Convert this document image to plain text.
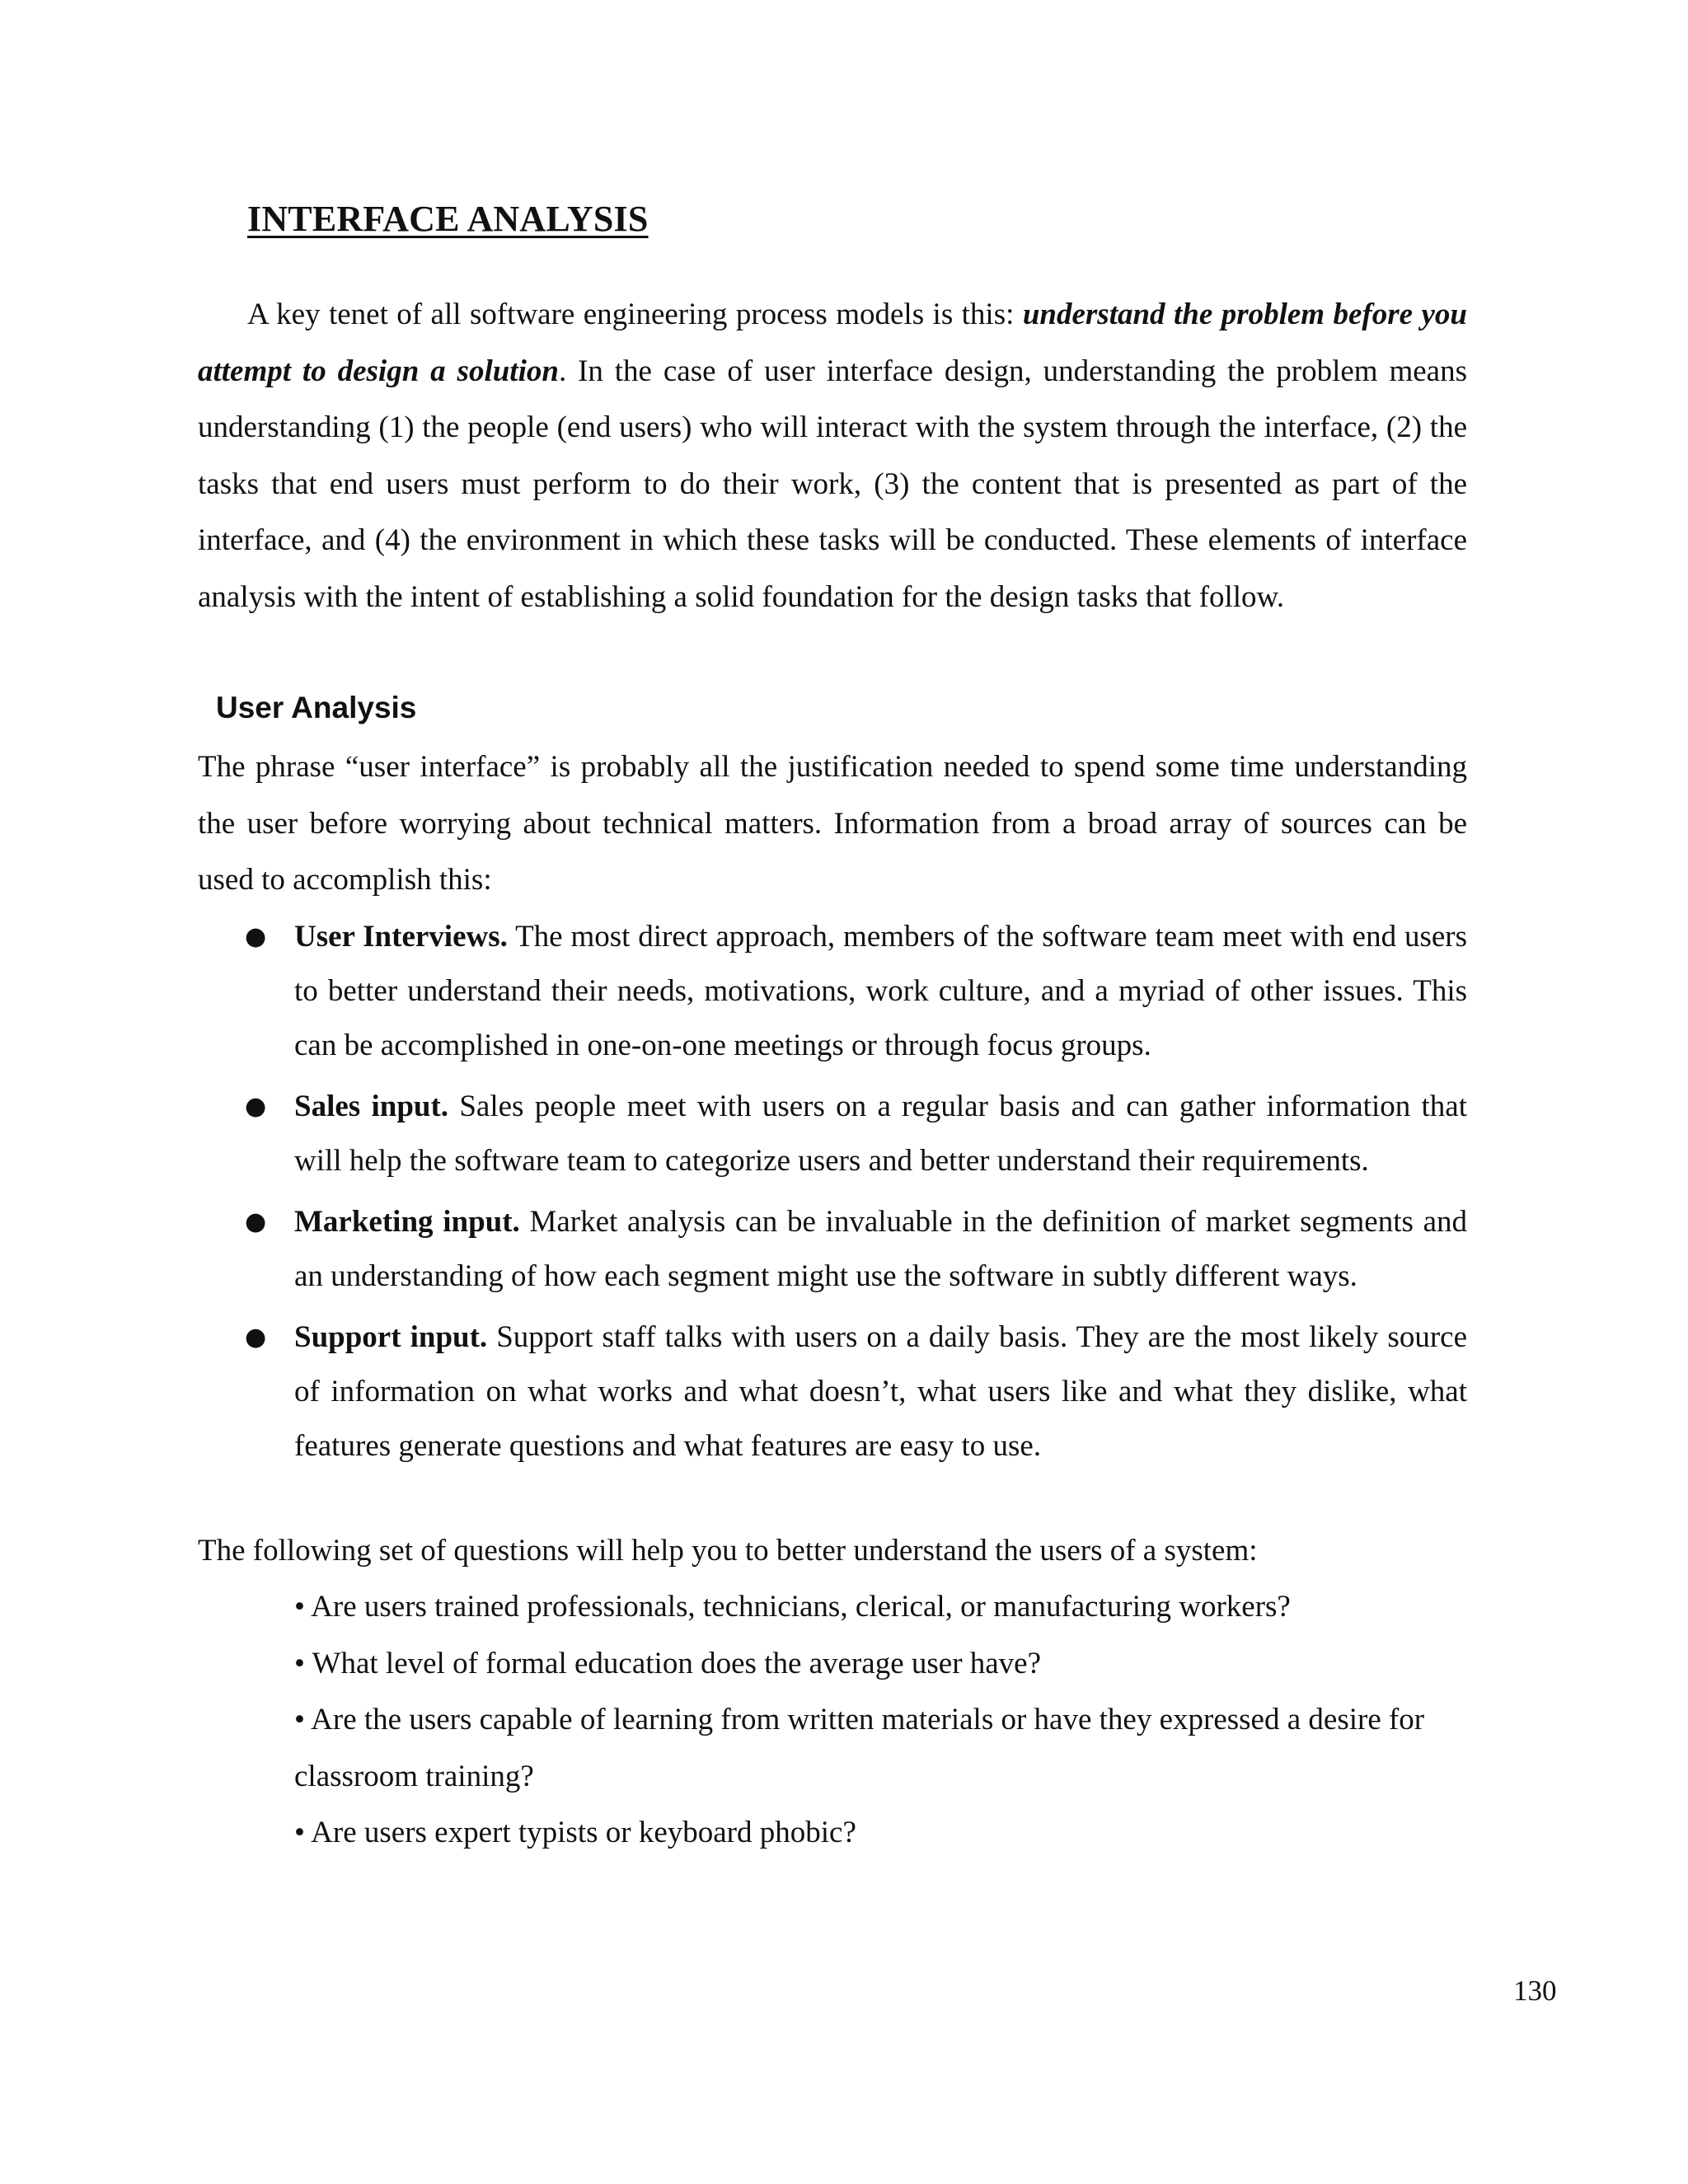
INTERFACE ANALYSIS

A key tenet of all software engineering process models is this: understand the problem before you attempt to design a solution. In the case of user interface design, understanding the problem means understanding (1) the people (end users) who will interact with the system through the interface, (2) the tasks that end users must perform to do their work, (3) the content that is presented as part of the interface, and (4) the environment in which these tasks will be conducted. These elements of interface analysis with the intent of establishing a solid foundation for the design tasks that follow.

User Analysis

The phrase “user interface” is probably all the justification needed to spend some time understanding the user before worrying about technical matters. Information from a broad array of sources can be used to accomplish this:

● User Interviews. The most direct approach, members of the software team meet with end users to better understand their needs, motivations, work culture, and a myriad of other issues. This can be accomplished in one-on-one meetings or through focus groups.
● Sales input. Sales people meet with users on a regular basis and can gather information that will help the software team to categorize users and better understand their requirements.
● Marketing input. Market analysis can be invaluable in the definition of market segments and an understanding of how each segment might use the software in subtly different ways.
● Support input. Support staff talks with users on a daily basis. They are the most likely source of information on what works and what doesn’t, what users like and what they dislike, what features generate questions and what features are easy to use.

The following set of questions will help you to better understand the users of a system:

• Are users trained professionals, technicians, clerical, or manufacturing workers?
• What level of formal education does the average user have?
• Are the users capable of learning from written materials or have they expressed a desire for classroom training?
• Are users expert typists or keyboard phobic?

130
